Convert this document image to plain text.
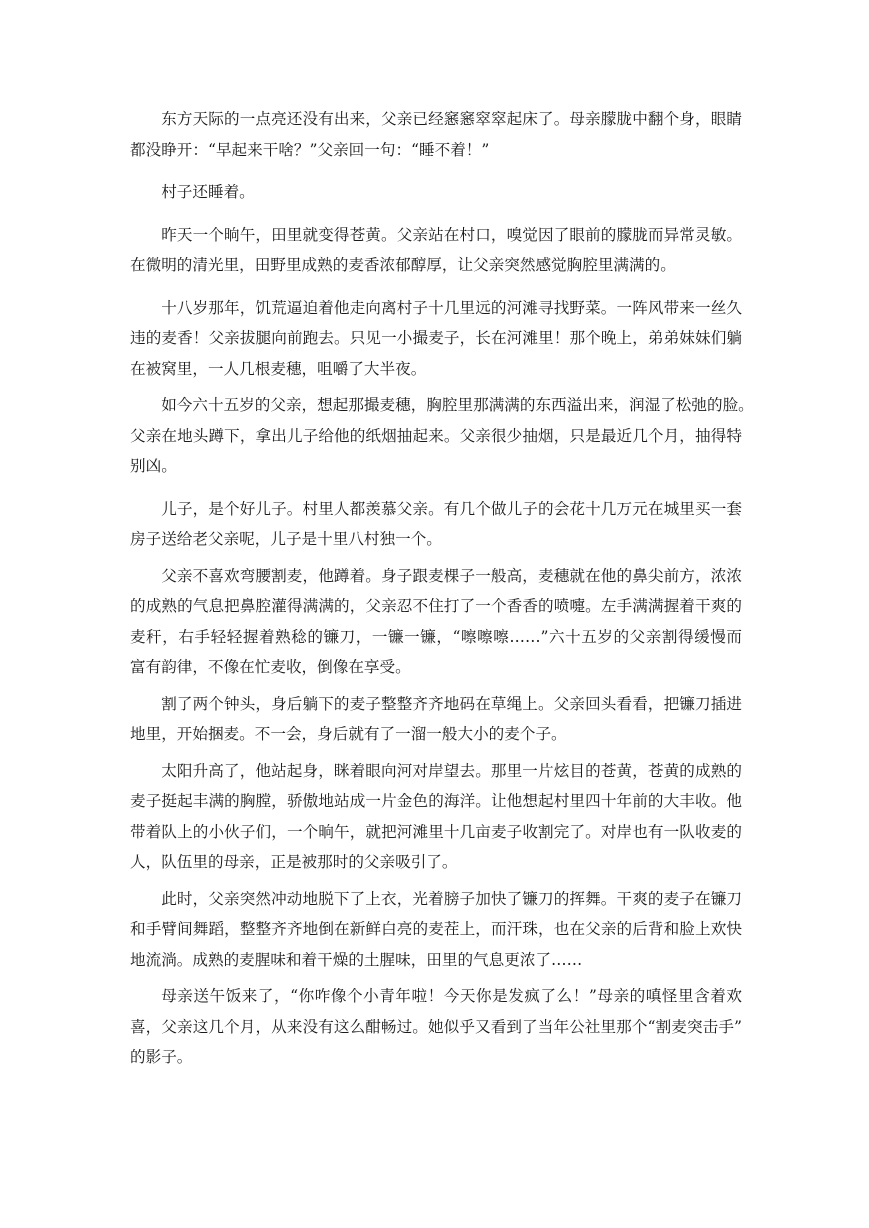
东方天际的一点亮还没有出来，父亲已经窸窸窣窣起床了。母亲朦胧中翻个身，眼睛
都没睁开：“早起来干啥？”父亲回一句：“睡不着！”

村子还睡着。

昨天一个晌午，田里就变得苍黄。父亲站在村口，嗅觉因了眼前的朦胧而异常灵敏。
在微明的清光里，田野里成熟的麦香浓郁醇厚，让父亲突然感觉胸腔里满满的。

十八岁那年，饥荒逼迫着他走向离村子十几里远的河滩寻找野菜。一阵风带来一丝久
违的麦香！父亲拔腿向前跑去。只见一小撮麦子，长在河滩里！那个晚上，弟弟妹妹们躺
在被窝里，一人几根麦穗，咀嚼了大半夜。

如今六十五岁的父亲，想起那撮麦穗，胸腔里那满满的东西溢出来，润湿了松弛的脸。
父亲在地头蹲下，拿出儿子给他的纸烟抽起来。父亲很少抽烟，只是最近几个月，抽得特
别凶。

儿子，是个好儿子。村里人都羡慕父亲。有几个做儿子的会花十几万元在城里买一套
房子送给老父亲呢，儿子是十里八村独一个。

父亲不喜欢弯腰割麦，他蹲着。身子跟麦棵子一般高，麦穗就在他的鼻尖前方，浓浓
的成熟的气息把鼻腔灌得满满的，父亲忍不住打了一个香香的喷嚏。左手满满握着干爽的
麦秆，右手轻轻握着熟稔的镰刀，一镰一镰，“嚓嚓嚓……”六十五岁的父亲割得缓慢而
富有韵律，不像在忙麦收，倒像在享受。

割了两个钟头，身后躺下的麦子整整齐齐地码在草绳上。父亲回头看看，把镰刀插进
地里，开始捆麦。不一会，身后就有了一溜一般大小的麦个子。

太阳升高了，他站起身，眯着眼向河对岸望去。那里一片炫目的苍黄，苍黄的成熟的
麦子挺起丰满的胸膛，骄傲地站成一片金色的海洋。让他想起村里四十年前的大丰收。他
带着队上的小伙子们，一个晌午，就把河滩里十几亩麦子收割完了。对岸也有一队收麦的
人，队伍里的母亲，正是被那时的父亲吸引了。

此时，父亲突然冲动地脱下了上衣，光着膀子加快了镰刀的挥舞。干爽的麦子在镰刀
和手臂间舞蹈，整整齐齐地倒在新鲜白亮的麦茬上，而汗珠，也在父亲的后背和脸上欢快
地流淌。成熟的麦腥味和着干燥的土腥味，田里的气息更浓了……

母亲送午饭来了，“你咋像个小青年啦！今天你是发疯了么！”母亲的嗔怪里含着欢
喜，父亲这几个月，从来没有这么酣畅过。她似乎又看到了当年公社里那个“割麦突击手”
的影子。
